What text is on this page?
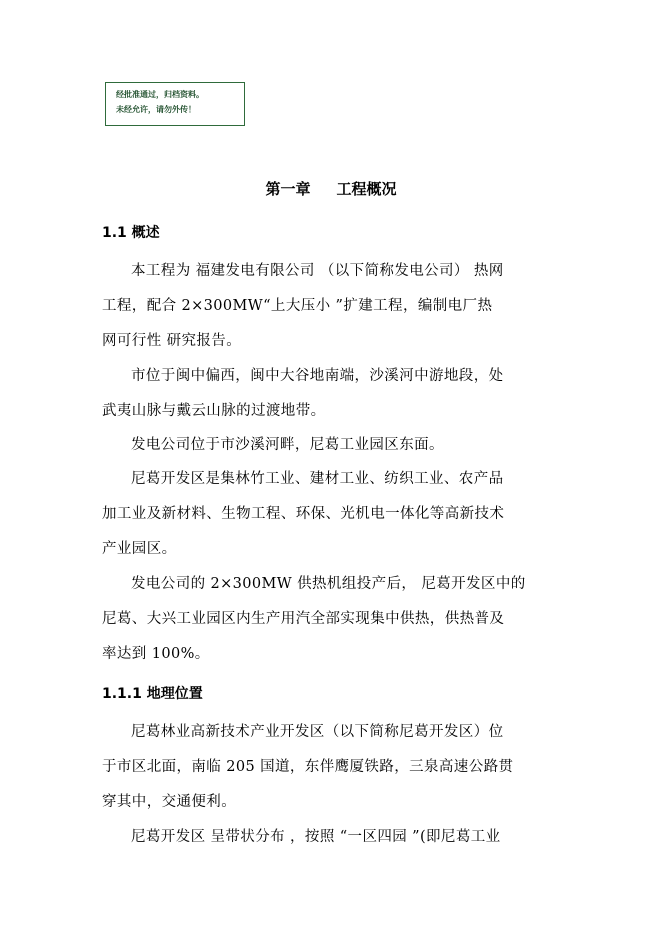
经批准通过，归档资料。
未经允许，请勿外传！
第一章     工程概况
1.1 概述
本工程为 福建发电有限公司 （以下简称发电公司） 热网
工程，配合 2×300MW“上大压小 ”扩建工程，编制电厂热
网可行性 研究报告。
市位于闽中偏西，闽中大谷地南端，沙溪河中游地段，处
武夷山脉与戴云山脉的过渡地带。
发电公司位于市沙溪河畔，尼葛工业园区东面。
尼葛开发区是集林竹工业、建材工业、纺织工业、农产品
加工业及新材料、生物工程、环保、光机电一体化等高新技术
产业园区。
发电公司的 2×300MW 供热机组投产后， 尼葛开发区中的
尼葛、大兴工业园区内生产用汽全部实现集中供热，供热普及
率达到 100%。
1.1.1 地理位置
尼葛林业高新技术产业开发区（以下简称尼葛开发区）位
于市区北面，南临 205 国道，东伴鹰厦铁路，三泉高速公路贯
穿其中，交通便利。
尼葛开发区 呈带状分布 ，按照 “一区四园 ”(即尼葛工业
